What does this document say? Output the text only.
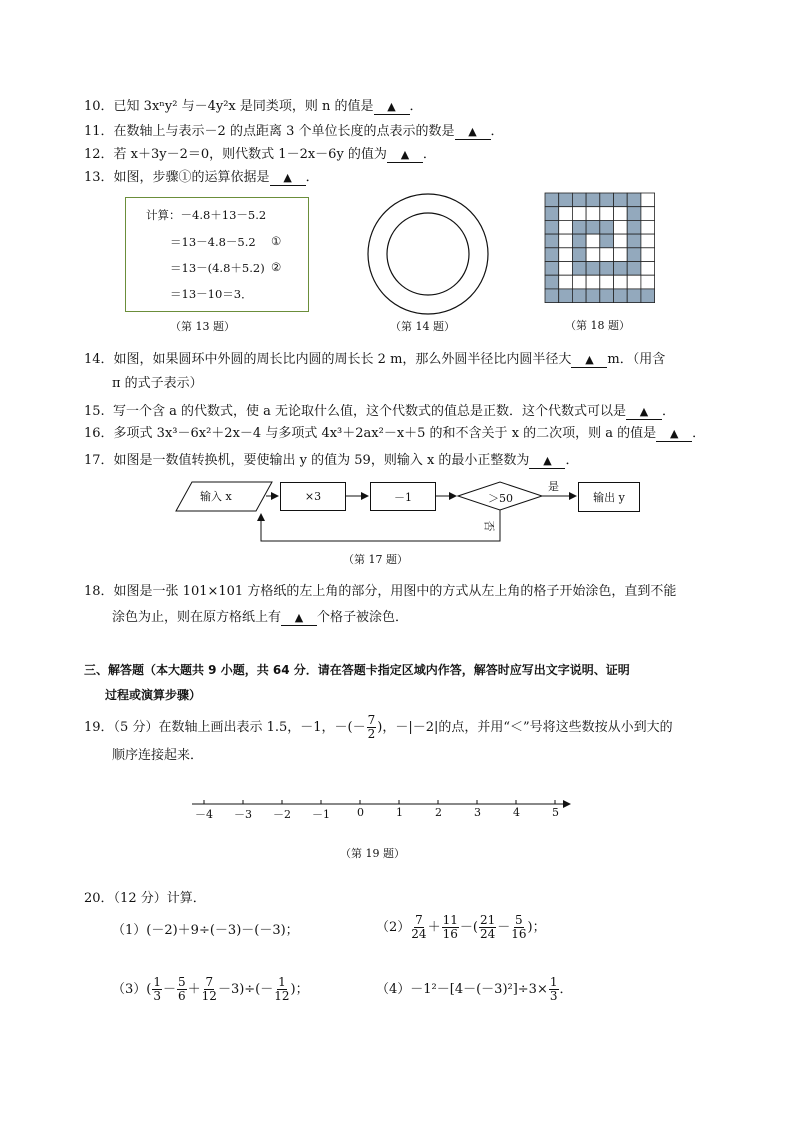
10．已知 3xⁿy² 与－4y²x 是同类项，则 n 的值是 ▲ ．
11．在数轴上与表示－2 的点距离 3 个单位长度的点表示的数是 ▲ ．
12．若 x＋3y－2＝0，则代数式 1－2x－6y 的值为 ▲ ．
13．如图，步骤①的运算依据是 ▲ ．
计算：－4.8＋13－5.2
＝13－4.8－5.2 ①
＝13－(4.8＋5.2) ②
＝13－10＝3．
（第 13 题）	（第 14 题）	（第 18 题）
14．如图，如果圆环中外圆的周长比内圆的周长长 2 m，那么外圆半径比内圆半径大 ▲ m．（用含
π 的式子表示）
15. 写一个含 a 的代数式，使 a 无论取什么值，这个代数式的值总是正数．这个代数式可以是 ▲ ．
16．多项式 3x³－6x²＋2x－4 与多项式 4x³＋2ax²－x＋5 的和不含关于 x 的二次项，则 a 的值是 ▲ ．
17．如图是一数值转换机，要使输出 y 的值为 59，则输入 x 的最小正整数为 ▲ ．
输入 x	×3	－1	＞50
是
否
输出 y
（第 17 题）
18．如图是一张 101×101 方格纸的左上角的部分，用图中的方式从左上角的格子开始涂色，直到不能
涂色为止，则在原方格纸上有 ▲ 个格子被涂色．
三、解答题（本大题共 9 小题，共 64 分．请在答题卡指定区域内作答，解答时应写出文字说明、证明
过程或演算步骤）
19．（5 分）在数轴上画出表示 1.5，－1，－(－ $\frac{7}{2}$ )，－|－2|的点，并用“＜”号将这些数按从小到大的
顺序连接起来．
－4 －3 －2 －1 0	1	2	3	4	5
（第 19 题）
20．（12 分）计算．
（1）(－2)＋9÷(－3)－(－3)；	$(2) \frac{7}{24} + \frac{11}{16}$ －( $\frac{21}{24} - \frac{5}{16}$ )；
$(3)( \frac{1}{3} - \frac{5}{6} + \frac{7}{12} -3)\div(- \frac{1}{12}$ )；	$(4)-1^2-[4-(-3)^2]\div 3\times \frac{1}{3}$ ．
